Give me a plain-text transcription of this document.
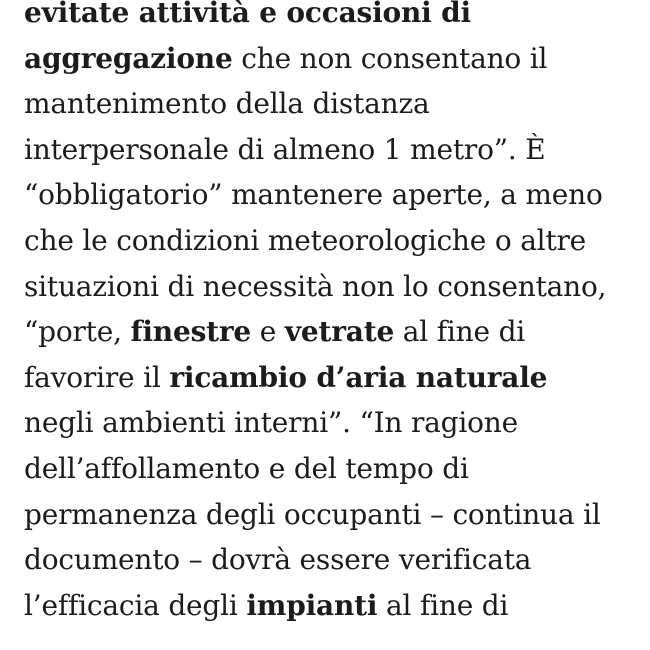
evitate attività e occasioni di
aggregazione che non consentano il
mantenimento della distanza
interpersonale di almeno 1 metro”. È
“obbligatorio” mantenere aperte, a meno
che le condizioni meteorologiche o altre
situazioni di necessità non lo consentano,
“porte, finestre e vetrate al fine di
favorire il ricambio d’aria naturale
negli ambienti interni”. “In ragione
dell’affollamento e del tempo di
permanenza degli occupanti – continua il
documento – dovrà essere verificata
l’efficacia degli impianti al fine di
